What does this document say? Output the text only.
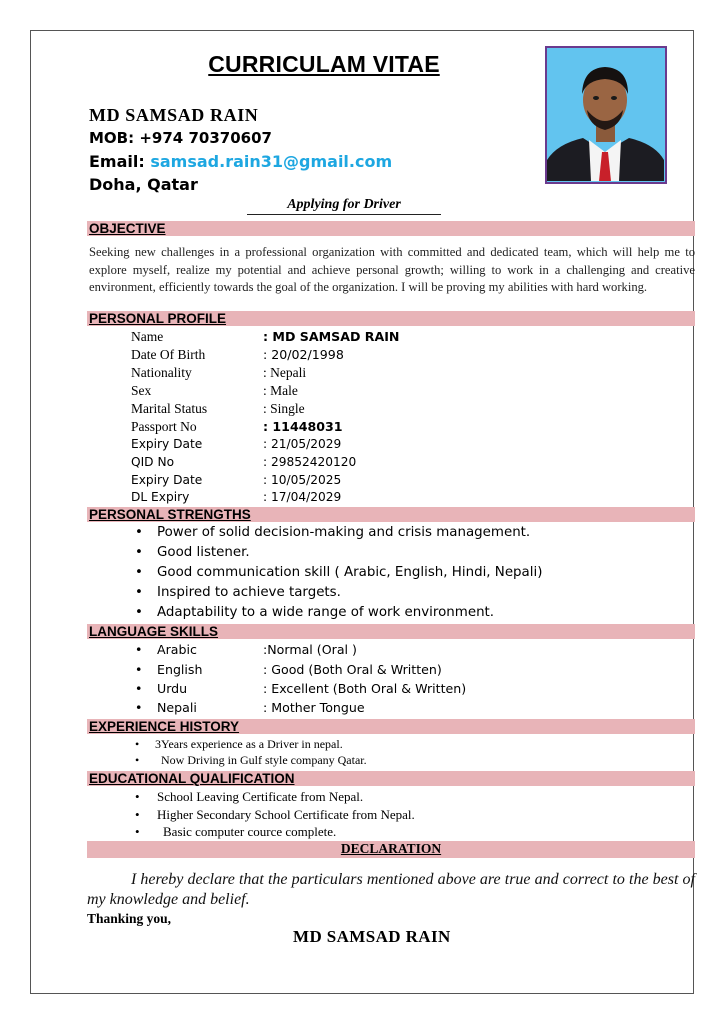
CURRICULAM VITAE
MD SAMSAD RAIN
MOB: +974 70370607
Email: samsad.rain31@gmail.com
Doha, Qatar
Applying for Driver
OBJECTIVE
Seeking new challenges in a professional organization with committed and dedicated team, which will help me to explore myself, realize my potential and achieve personal growth; willing to work in a challenging and creative environment, efficiently towards the goal of the organization. I will be proving my abilities with hard working.
PERSONAL PROFILE
Name	: MD SAMSAD RAIN
Date Of Birth	: 20/02/1998
Nationality	: Nepali
Sex	: Male
Marital Status	: Single
Passport No	: 11448031
Expiry Date	: 21/05/2029
QID No	: 29852420120
Expiry Date	: 10/05/2025
DL Expiry	: 17/04/2029
PERSONAL STRENGTHS
• Power of solid decision-making and crisis management.
• Good listener.
• Good communication skill ( Arabic, English, Hindi, Nepali)
• Inspired to achieve targets.
• Adaptability to a wide range of work environment.
LANGUAGE SKILLS
• Arabic	:Normal (Oral )
• English	: Good (Both Oral & Written)
• Urdu	: Excellent (Both Oral & Written)
• Nepali	: Mother Tongue
EXPERIENCE HISTORY
• 3Years experience as a Driver in nepal.
• Now Driving in Gulf style company Qatar.
EDUCATIONAL QUALIFICATION
• School Leaving Certificate from Nepal.
• Higher Secondary School Certificate from Nepal.
• Basic computer cource complete.
DECLARATION
I hereby declare that the particulars mentioned above are true and correct to the best of my knowledge and belief.
Thanking you,
MD SAMSAD RAIN
